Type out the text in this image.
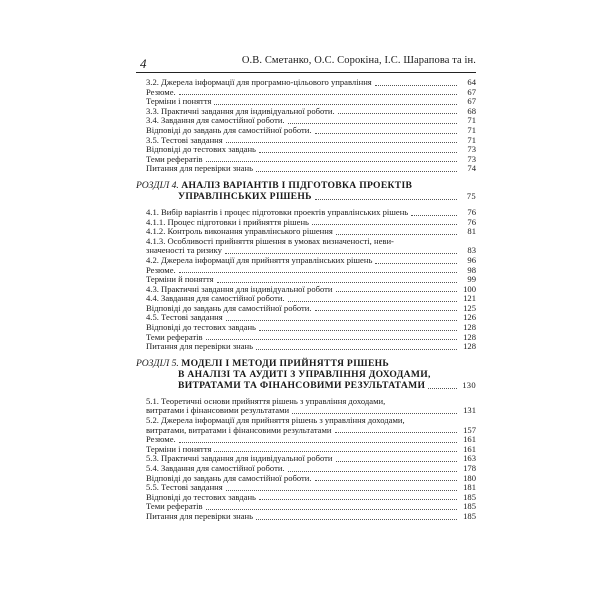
4	О.В. Сметанко, О.С. Сорокіна, І.С. Шарапова та ін.
3.2. Джерела інформації для програмно-цільового управління	64
Резюме.	67
Терміни і поняття	67
3.3. Практичні завдання для індивідуальної роботи.	68
3.4. Завдання для самостійної роботи.	71
Відповіді до завдань для самостійної роботи.	71
3.5. Тестові завдання	71
Відповіді до тестових завдань	73
Теми рефератів	73
Питання для перевірки знань	74
РОЗДІЛ 4. АНАЛІЗ ВАРІАНТІВ І ПІДГОТОВКА ПРОЕКТІВ
УПРАВЛІНСЬКИХ РІШЕНЬ	75
4.1. Вибір варіантів і процес підготовки проектів управлінських рішень	76
4.1.1. Процес підготовки і прийняття рішень	76
4.1.2. Контроль виконання управлінського рішення	81
4.1.3. Особливості прийняття рішення в умовах визначеності, неви-
значеності та ризику	83
4.2. Джерела інформації для прийняття управлінських рішень	96
Резюме.	98
Терміни й поняття	99
4.3. Практичні завдання для індивідуальної роботи	100
4.4. Завдання для самостійної роботи.	121
Відповіді до завдань для самостійної роботи.	125
4.5. Тестові завдання	126
Відповіді до тестових завдань	128
Теми рефератів	128
Питання для перевірки знань	128
РОЗДІЛ 5. МОДЕЛІ І МЕТОДИ ПРИЙНЯТТЯ РІШЕНЬ
В АНАЛІЗІ ТА АУДИТІ З УПРАВЛІННЯ ДОХОДАМИ,
ВИТРАТАМИ ТА ФІНАНСОВИМИ РЕЗУЛЬТАТАМИ	130
5.1. Теоретичні основи прийняття рішень з управління доходами,
витратами і фінансовими результатами	131
5.2. Джерела інформації для прийняття рішень з управління доходами,
витратами, витратами і фінансовими результатами	157
Резюме.	161
Терміни і поняття	161
5.3. Практичні завдання для індивідуальної роботи	163
5.4. Завдання для самостійної роботи.	178
Відповіді до завдань для самостійної роботи.	180
5.5. Тестові завдання	181
Відповіді до тестових завдань	185
Теми рефератів	185
Питання для перевірки знань	185
